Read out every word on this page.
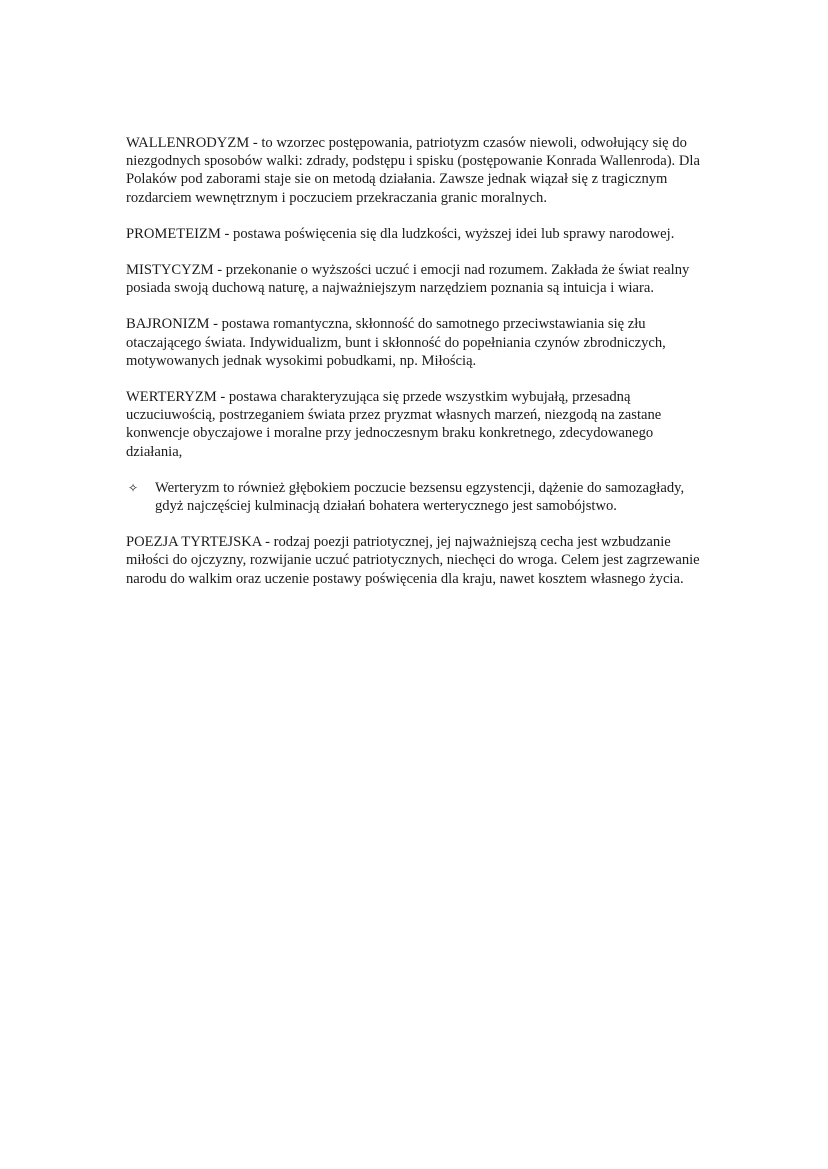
WALLENRODYZM - to wzorzec postępowania, patriotyzm czasów niewoli, odwołujący się do niezgodnych sposobów walki: zdrady, podstępu i spisku (postępowanie Konrada Wallenroda). Dla Polaków pod zaborami staje sie on metodą działania. Zawsze jednak wiązał się z tragicznym rozdarciem wewnętrznym i poczuciem przekraczania granic moralnych.

PROMETEIZM - postawa poświęcenia się dla ludzkości, wyższej idei lub sprawy narodowej.

MISTYCYZM - przekonanie o wyższości uczuć i emocji nad rozumem. Zakłada że świat realny posiada swoją duchową naturę, a najważniejszym narzędziem poznania są intuicja i wiara.

BAJRONIZM - postawa romantyczna, skłonność do samotnego przeciwstawiania się złu otaczającego świata. Indywidualizm, bunt i skłonność do popełniania czynów zbrodniczych, motywowanych jednak wysokimi pobudkami, np. Miłością.

WERTERYZM - postawa charakteryzująca się przede wszystkim wybujałą, przesadną uczuciuwością, postrzeganiem świata przez pryzmat własnych marzeń, niezgodą na zastane konwencje obyczajowe i moralne przy jednoczesnym braku konkretnego, zdecydowanego działania,

✧	Werteryzm to również głębokiem poczucie bezsensu egzystencji, dążenie do samozagłady, gdyż najczęściej kulminacją działań bohatera werterycznego jest samobójstwo.

POEZJA TYRTEJSKA - rodzaj poezji patriotycznej, jej najważniejszą cecha jest wzbudzanie miłości do ojczyzny, rozwijanie uczuć patriotycznych, niechęci do wroga. Celem jest zagrzewanie narodu do walkim oraz uczenie postawy poświęcenia dla kraju, nawet kosztem własnego życia.
